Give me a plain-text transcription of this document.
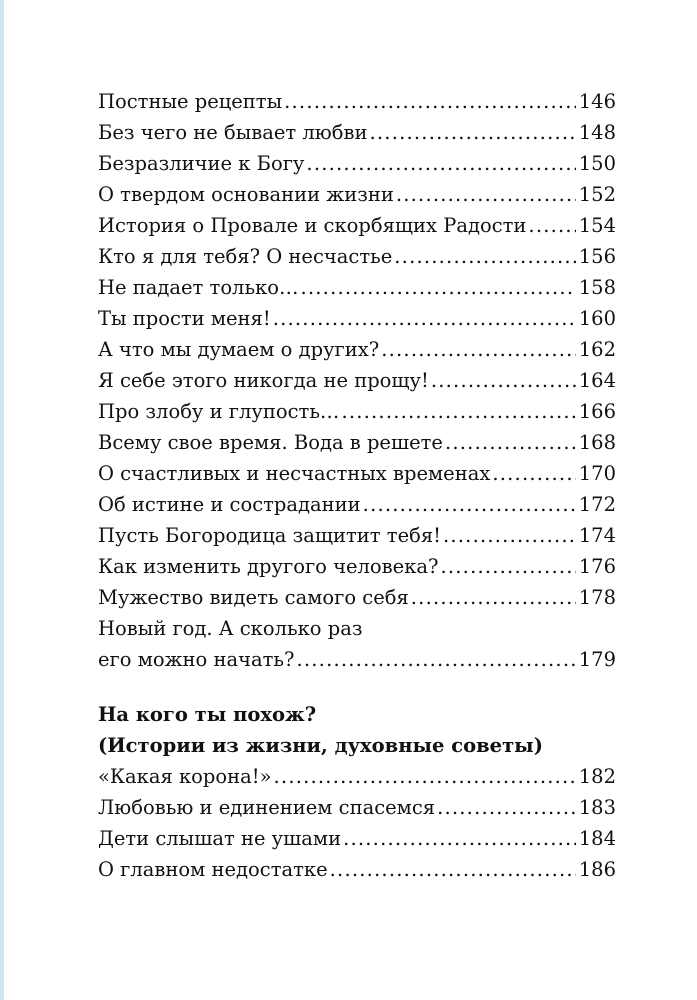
Постные рецепты .....	146
Без чего не бывает любви .....	148
Безразличие к Богу .....	150
О твердом основании жизни .....	152
История о Провале и скорбящих Радости .....	154
Кто я для тебя? О несчастье .....	156
Не падает только… .....	158
Ты прости меня! .....	160
А что мы думаем о других? .....	162
Я себе этого никогда не прощу! .....	164
Про злобу и глупость… .....	166
Всему свое время. Вода в решете .....	168
О счастливых и несчастных временах .....	170
Об истине и сострадании .....	172
Пусть Богородица защитит тебя! .....	174
Как изменить другого человека? .....	176
Мужество видеть самого себя .....	178
Новый год. А сколько раз
его можно начать? .....	179
На кого ты похож?
(Истории из жизни, духовные советы)
«Какая корона!» .....	182
Любовью и единением спасемся .....	183
Дети слышат не ушами .....	184
О главном недостатке .....	186
